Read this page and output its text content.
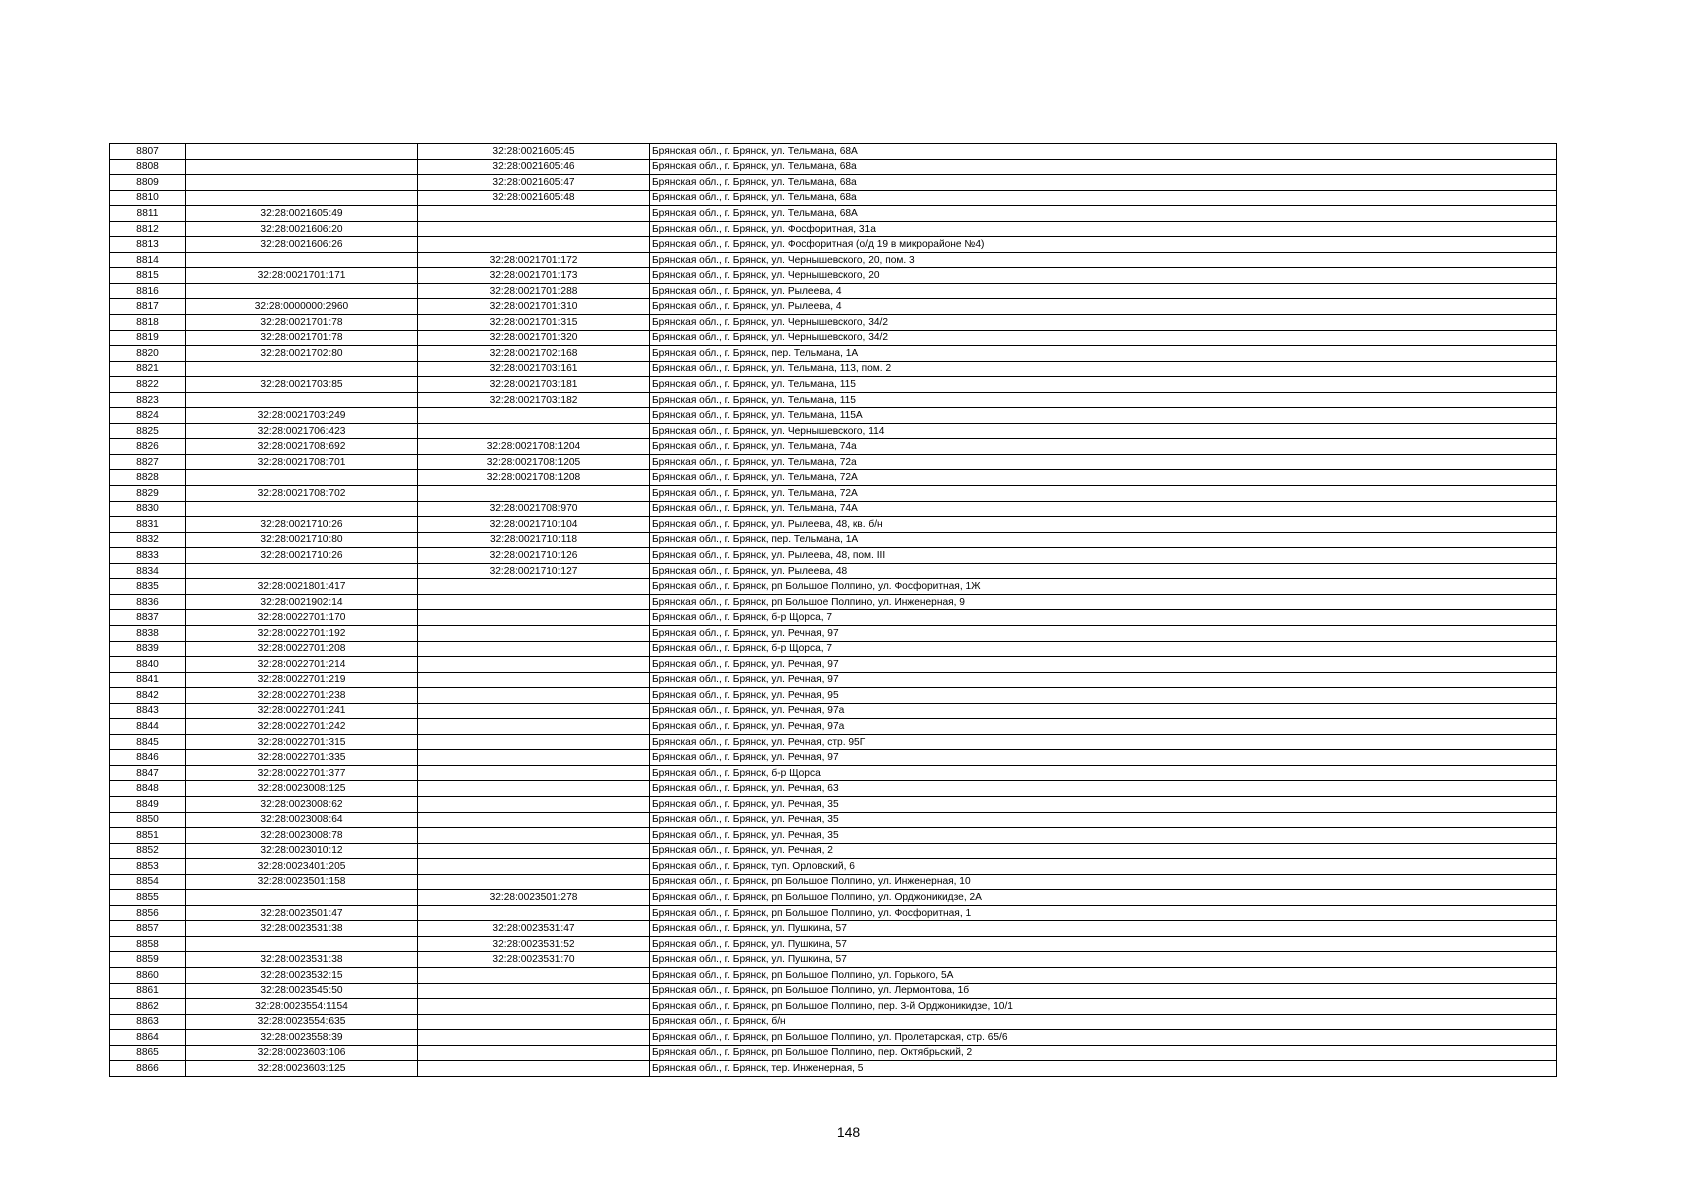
8807		32:28:0021605:45	Брянская обл., г. Брянск, ул. Тельмана, 68А
8808		32:28:0021605:46	Брянская обл., г. Брянск, ул. Тельмана, 68а
8809		32:28:0021605:47	Брянская обл., г. Брянск, ул. Тельмана, 68а
8810		32:28:0021605:48	Брянская обл., г. Брянск, ул. Тельмана, 68а
8811	32:28:0021605:49		Брянская обл., г. Брянск, ул. Тельмана, 68А
8812	32:28:0021606:20		Брянская обл., г. Брянск, ул. Фосфоритная, 31а
8813	32:28:0021606:26		Брянская обл., г. Брянск, ул. Фосфоритная (о/д 19 в микрорайоне №4)
8814		32:28:0021701:172	Брянская обл., г. Брянск, ул. Чернышевского, 20, пом. 3
8815	32:28:0021701:171	32:28:0021701:173	Брянская обл., г. Брянск, ул. Чернышевского, 20
8816		32:28:0021701:288	Брянская обл., г. Брянск, ул. Рылеева, 4
8817	32:28:0000000:2960	32:28:0021701:310	Брянская обл., г. Брянск, ул. Рылеева, 4
8818	32:28:0021701:78	32:28:0021701:315	Брянская обл., г. Брянск, ул. Чернышевского, 34/2
8819	32:28:0021701:78	32:28:0021701:320	Брянская обл., г. Брянск, ул. Чернышевского, 34/2
8820	32:28:0021702:80	32:28:0021702:168	Брянская обл., г. Брянск, пер. Тельмана, 1А
8821		32:28:0021703:161	Брянская обл., г. Брянск, ул. Тельмана, 113, пом. 2
8822	32:28:0021703:85	32:28:0021703:181	Брянская обл., г. Брянск, ул. Тельмана, 115
8823		32:28:0021703:182	Брянская обл., г. Брянск, ул. Тельмана, 115
8824	32:28:0021703:249		Брянская обл., г. Брянск, ул. Тельмана, 115А
8825	32:28:0021706:423		Брянская обл., г. Брянск, ул. Чернышевского, 114
8826	32:28:0021708:692	32:28:0021708:1204	Брянская обл., г. Брянск, ул. Тельмана, 74а
8827	32:28:0021708:701	32:28:0021708:1205	Брянская обл., г. Брянск, ул. Тельмана, 72а
8828		32:28:0021708:1208	Брянская обл., г. Брянск, ул. Тельмана, 72А
8829	32:28:0021708:702		Брянская обл., г. Брянск, ул. Тельмана, 72А
8830		32:28:0021708:970	Брянская обл., г. Брянск, ул. Тельмана, 74А
8831	32:28:0021710:26	32:28:0021710:104	Брянская обл., г. Брянск, ул. Рылеева, 48, кв. б/н
8832	32:28:0021710:80	32:28:0021710:118	Брянская обл., г. Брянск, пер. Тельмана, 1А
8833	32:28:0021710:26	32:28:0021710:126	Брянская обл., г. Брянск, ул. Рылеева, 48, пом. III
8834		32:28:0021710:127	Брянская обл., г. Брянск, ул. Рылеева, 48
8835	32:28:0021801:417		Брянская обл., г. Брянск, рп Большое Полпино, ул. Фосфоритная, 1Ж
8836	32:28:0021902:14		Брянская обл., г. Брянск, рп Большое Полпино, ул. Инженерная, 9
8837	32:28:0022701:170		Брянская обл., г. Брянск, б-р Щорса, 7
8838	32:28:0022701:192		Брянская обл., г. Брянск, ул. Речная, 97
8839	32:28:0022701:208		Брянская обл., г. Брянск, б-р Щорса, 7
8840	32:28:0022701:214		Брянская обл., г. Брянск, ул. Речная, 97
8841	32:28:0022701:219		Брянская обл., г. Брянск, ул. Речная, 97
8842	32:28:0022701:238		Брянская обл., г. Брянск, ул. Речная, 95
8843	32:28:0022701:241		Брянская обл., г. Брянск, ул. Речная, 97а
8844	32:28:0022701:242		Брянская обл., г. Брянск, ул. Речная, 97а
8845	32:28:0022701:315		Брянская обл., г. Брянск, ул. Речная, стр. 95Г
8846	32:28:0022701:335		Брянская обл., г. Брянск, ул. Речная, 97
8847	32:28:0022701:377		Брянская обл., г. Брянск, б-р Щорса
8848	32:28:0023008:125		Брянская обл., г. Брянск, ул. Речная, 63
8849	32:28:0023008:62		Брянская обл., г. Брянск, ул. Речная, 35
8850	32:28:0023008:64		Брянская обл., г. Брянск, ул. Речная, 35
8851	32:28:0023008:78		Брянская обл., г. Брянск, ул. Речная, 35
8852	32:28:0023010:12		Брянская обл., г. Брянск, ул. Речная, 2
8853	32:28:0023401:205		Брянская обл., г. Брянск, туп. Орловский, 6
8854	32:28:0023501:158		Брянская обл., г. Брянск, рп Большое Полпино, ул. Инженерная, 10
8855		32:28:0023501:278	Брянская обл., г. Брянск, рп Большое Полпино, ул. Орджоникидзе, 2А
8856	32:28:0023501:47		Брянская обл., г. Брянск, рп Большое Полпино, ул. Фосфоритная, 1
8857	32:28:0023531:38	32:28:0023531:47	Брянская обл., г. Брянск, ул. Пушкина, 57
8858		32:28:0023531:52	Брянская обл., г. Брянск, ул. Пушкина, 57
8859	32:28:0023531:38	32:28:0023531:70	Брянская обл., г. Брянск, ул. Пушкина, 57
8860	32:28:0023532:15		Брянская обл., г. Брянск, рп Большое Полпино, ул. Горького, 5А
8861	32:28:0023545:50		Брянская обл., г. Брянск, рп Большое Полпино, ул. Лермонтова, 1б
8862	32:28:0023554:1154		Брянская обл., г. Брянск, рп Большое Полпино, пер. 3-й Орджоникидзе, 10/1
8863	32:28:0023554:635		Брянская обл., г. Брянск, б/н
8864	32:28:0023558:39		Брянская обл., г. Брянск, рп Большое Полпино, ул. Пролетарская, стр. 65/6
8865	32:28:0023603:106		Брянская обл., г. Брянск, рп Большое Полпино, пер. Октябрьский, 2
8866	32:28:0023603:125		Брянская обл., г. Брянск, тер. Инженерная, 5
148
